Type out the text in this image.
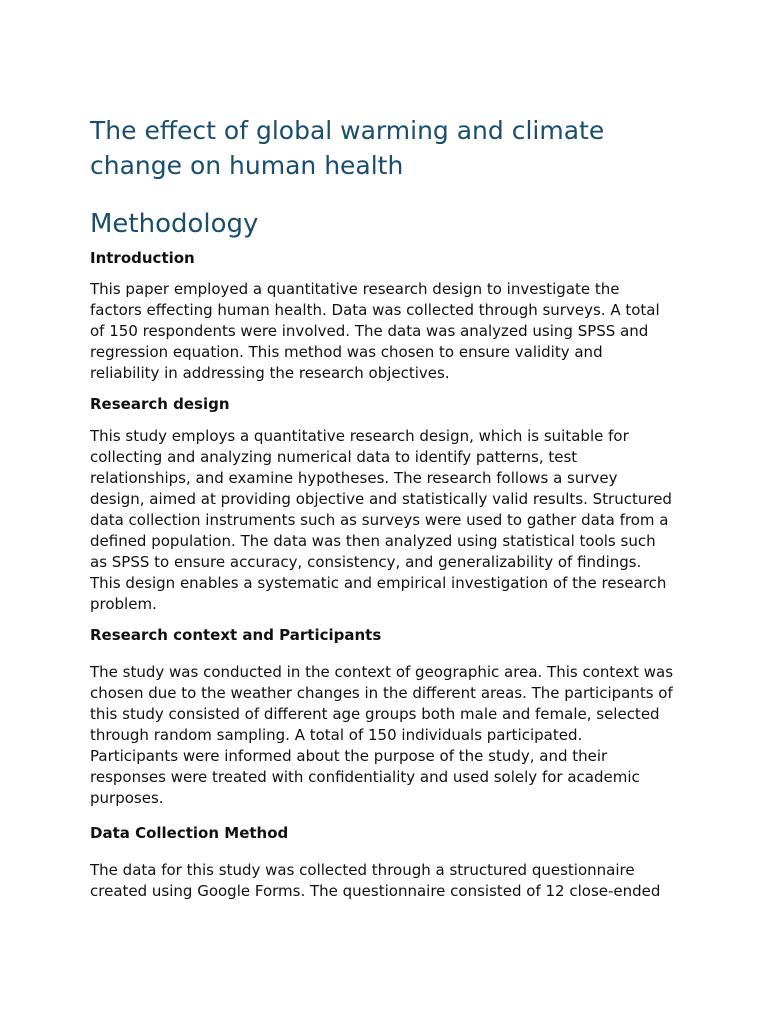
The effect of global warming and climate change on human health
Methodology
Introduction
This paper employed a quantitative research design to investigate the
factors effecting human health. Data was collected through surveys. A total
of 150 respondents were involved. The data was analyzed using SPSS and
regression equation. This method was chosen to ensure validity and
reliability in addressing the research objectives.
Research design
This study employs a quantitative research design, which is suitable for
collecting and analyzing numerical data to identify patterns, test
relationships, and examine hypotheses. The research follows a survey
design, aimed at providing objective and statistically valid results. Structured
data collection instruments such as surveys were used to gather data from a
defined population. The data was then analyzed using statistical tools such
as SPSS to ensure accuracy, consistency, and generalizability of findings.
This design enables a systematic and empirical investigation of the research
problem.
Research context and Participants
The study was conducted in the context of geographic area. This context was
chosen due to the weather changes in the different areas. The participants of
this study consisted of different age groups both male and female, selected
through random sampling. A total of 150 individuals participated.
Participants were informed about the purpose of the study, and their
responses were treated with confidentiality and used solely for academic
purposes.
Data Collection Method
The data for this study was collected through a structured questionnaire
created using Google Forms. The questionnaire consisted of 12 close-ended
